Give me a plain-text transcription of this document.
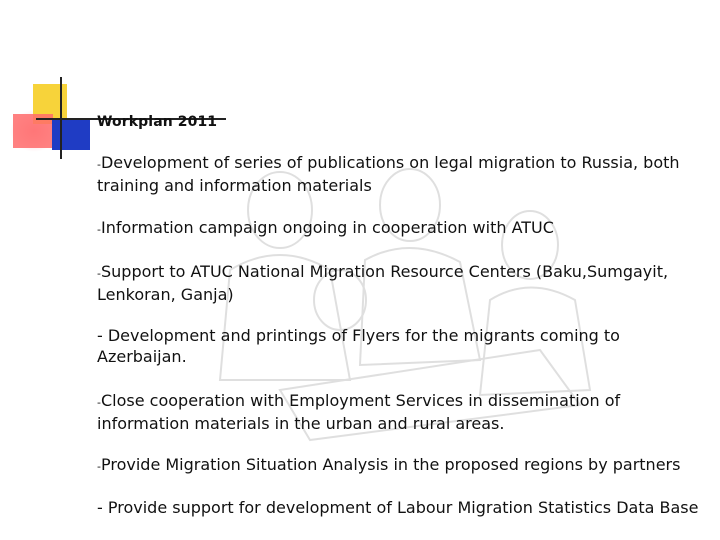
Workplan 2011
-Development of series of publications on legal migration to Russia, both training and information materials
-Information campaign ongoing in cooperation with ATUC
-Support to ATUC National Migration Resource Centers (Baku,Sumgayit, Lenkoran, Ganja)
- Development and printings of Flyers for the migrants coming to Azerbaijan.
-Close cooperation with Employment Services in dissemination of information materials in the urban and rural areas.
-Provide Migration Situation Analysis in the proposed regions by partners
- Provide support for development of Labour Migration Statistics Data Base
